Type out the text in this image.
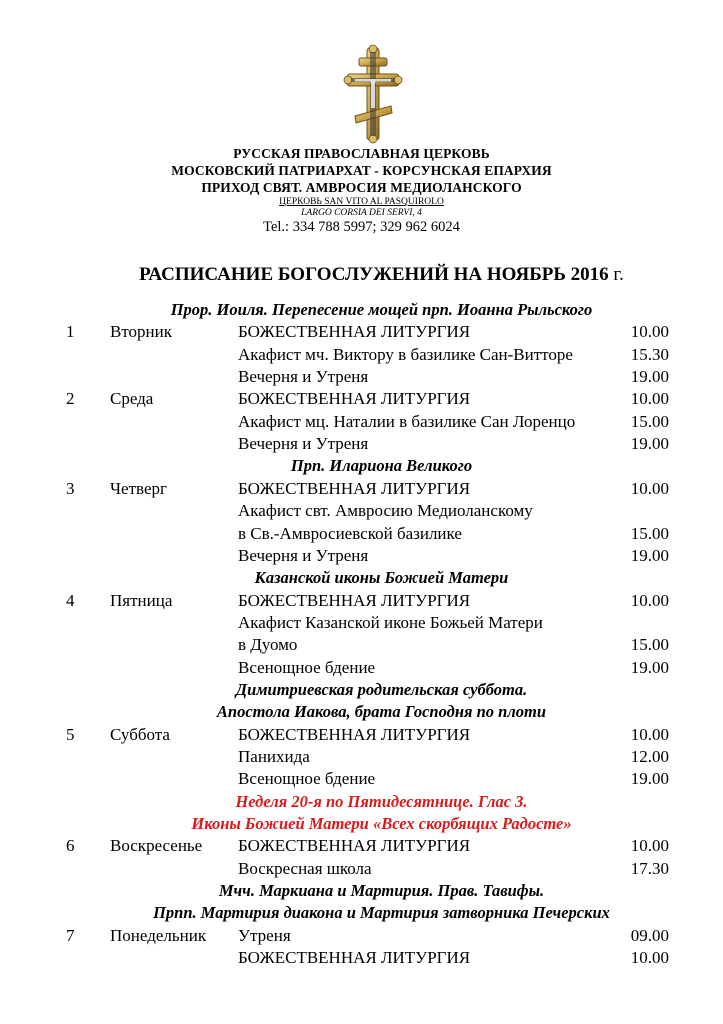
РУССКАЯ ПРАВОСЛАВНАЯ ЦЕРКОВЬ
МОСКОВСКИЙ ПАТРИАРХАТ - КОРСУНСКАЯ ЕПАРХИЯ
ПРИХОД СВЯТ. АМВРОСИЯ МЕДИОЛАНСКОГО
ЦЕРКОВЬ SAN VITO AL PASQUIROLO
LARGO CORSIA DEI SERVI, 4
Tel.: 334 788 5997; 329 962 6024
РАСПИСАНИЕ БОГОСЛУЖЕНИЙ НА НОЯБРЬ 2016 г.
Прор. Иоиля. Перепесение мощей прп. Иоанна Рыльского
1 Вторник	БОЖЕСТВЕННАЯ ЛИТУРГИЯ	10.00
Акафист мч. Виктору в базилике Сан-Витторе	15.30
Вечерня и Утреня	19.00
2 Среда	БОЖЕСТВЕННАЯ ЛИТУРГИЯ	10.00
Акафист мц. Наталии в базилике Сан Лоренцо	15.00
Вечерня и Утреня	19.00
Прп. Илариона Великого
3 Четверг	БОЖЕСТВЕННАЯ ЛИТУРГИЯ	10.00
Акафист свт. Амвросию Медиоланскому
в Св.-Амвросиевской базилике	15.00
Вечерня и Утреня	19.00
Казанской иконы Божией Матери
4 Пятница	БОЖЕСТВЕННАЯ ЛИТУРГИЯ	10.00
Акафист Казанской иконе Божьей Матери
в Дуомо	15.00
Всенощное бдение	19.00
Димитриевская родительская суббота.
Апостола Иакова, брата Господня по плоти
5 Суббота	БОЖЕСТВЕННАЯ ЛИТУРГИЯ	10.00
Панихида	12.00
Всенощное бдение	19.00
Неделя 20-я по Пятидесятнице. Глас 3.
Иконы Божией Матери «Всех скорбящих Радосте»
6 Воскресенье БОЖЕСТВЕННАЯ ЛИТУРГИЯ	10.00
Воскресная школа	17.30
Мчч. Маркиана и Мартирия. Прав. Тавифы.
Прпп. Мартирия диакона и Мартирия затворника Печерских
7 Понедельник Утреня	09.00
БОЖЕСТВЕННАЯ ЛИТУРГИЯ	10.00
